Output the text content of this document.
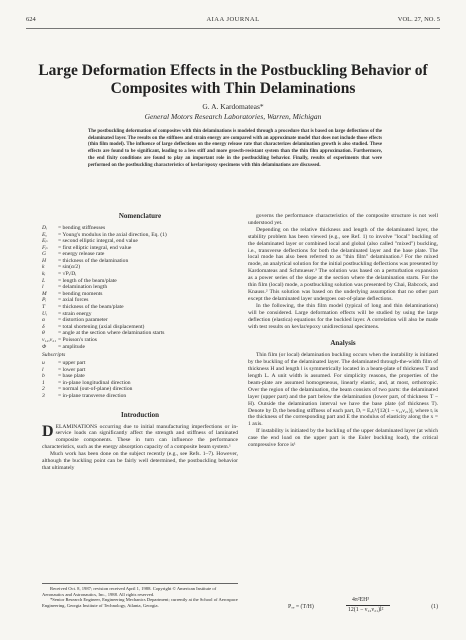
624	AIAA JOURNAL	VOL. 27, NO. 5
Large Deformation Effects in the Postbuckling Behavior of Composites with Thin Delaminations
G. A. Kardomateas*
General Motors Research Laboratories, Warren, Michigan
The postbuckling deformation of composites with thin delaminations is modeled through a procedure that is based on large deflections of the delaminated layer. The results on the stiffness and strain energy are compared with an approximate model that does not include those effects (thin film model). The influence of large deflections on the energy release rate that characterizes delamination growth is also studied. These effects are found to be significant, leading to a less stiff and more growth-resistant system than the thin film approximation. Furthermore, the end fixity conditions are found to play an important role in the postbuckling behavior. Finally, results of experiments that were performed on the postbuckling characteristics of kevlar/epoxy specimens with thin delaminations are discussed.
Nomenclature
Dᵢ	= bending stiffnesses
Eₓ	= Young's modulus in the axial direction, Eq. (1)
Eₚ	= second elliptic integral, end value
Fₚ	= first elliptic integral, end value
G	= energy release rate
H	= thickness of the delamination
k	= sin(α/2)
kᵢ	= √Pᵢ/Dᵢ
L	= length of the beam/plate
l	= delamination length
M	= bending moments
Pᵢ	= axial forces
T	= thickness of the beam/plate
Uᵢ	= strain energy
α	= distortion parameter
δ	= total shortening (axial displacement)
θ	= angle at the section where delamination starts
ν₁₂,ν₂₁ = Poisson's ratios
Φ	= amplitude
Subscripts
u	= upper part
l	= lower part
b	= base plate
1	= in-plane longitudinal direction
2	= normal (out-of-plane) direction
3	= in-plane transverse direction
Introduction

DELAMINATIONS occurring due to initial manufacturing imperfections or in-service loads can significantly affect the strength and stiffness of laminated composite components. These in turn can influence the performance characteristics, such as the energy absorption capacity of a composite beam system.¹

Much work has been done on the subject recently (e.g., see Refs. 1–7). However, although the buckling point can be fairly well determined, the postbuckling behavior that ultimately

Received Oct. 8, 1987; revision received April 1, 1988. Copyright © American Institute of Aeronautics and Astronautics, Inc., 1988. All rights reserved.
*Senior Research Engineer, Engineering Mechanics Department; currently at the School of Aerospace Engineering, Georgia Institute of Technology, Atlanta, Georgia.

governs the performance characteristics of the composite structure is not well understood yet.

Depending on the relative thickness and length of the delaminated layer, the stability problem has been viewed (e.g., see Ref. 1) to involve "local" buckling of the delaminated layer or combined local and global (also called "mixed") buckling, i.e., transverse deflections for both the delaminated layer and the base plate. The local mode has also been referred to as "thin film" delamination.² For the mixed mode, an analytical solution for the initial postbuckling deflections was presented by Kardomateas and Schmueser.³ The solution was based on a perturbation expansion as a power series of the slope at the section where the delamination starts. For the thin film (local) mode, a postbuckling solution was presented by Chai, Babcock, and Knauss.² This solution was based on the underlying assumption that no other part except the delaminated layer undergoes out-of-plane deflections.

In the following, the thin film model (typical of long and thin delaminations) will be considered. Large deformation effects will be studied by using the large deflection (elastica) equations for the buckled layer. A correlation will also be made with test results on kevlar/epoxy unidirectional specimens.

Analysis

Thin film (or local) delamination buckling occurs when the instability is initiated by the buckling of the delaminated layer. The delaminated through-the-width film of thickness H and length l is symmetrically located in a beam-plate of thickness T and length L. A unit width is assumed. For simplicity reasons, the properties of the beam-plate are assumed homogeneous, linearly elastic, and, at most, orthotropic. Over the region of the delamination, the beam consists of two parts: the delaminated layer (upper part) and the part below the delamination (lower part, of thickness T − H). Outside the delamination interval we have the base plate (of thickness T). Denote by Dᵢ the bending stiffness of each part, Dᵢ = Eₓtᵢ³/[12(1 − ν₁₂ν₂₁)], where tᵢ is the thickness of the corresponding part and E the modulus of elasticity along the x = 1 axis.

If instability is initiated by the buckling of the upper delaminated layer (at which case the end load on the upper part is the Euler buckling load), the critical compressive force is¹

Pₒₑ = (T/H)
4π²EH³
12(1 − ν₁₂ν₂₁)l²	(1)
